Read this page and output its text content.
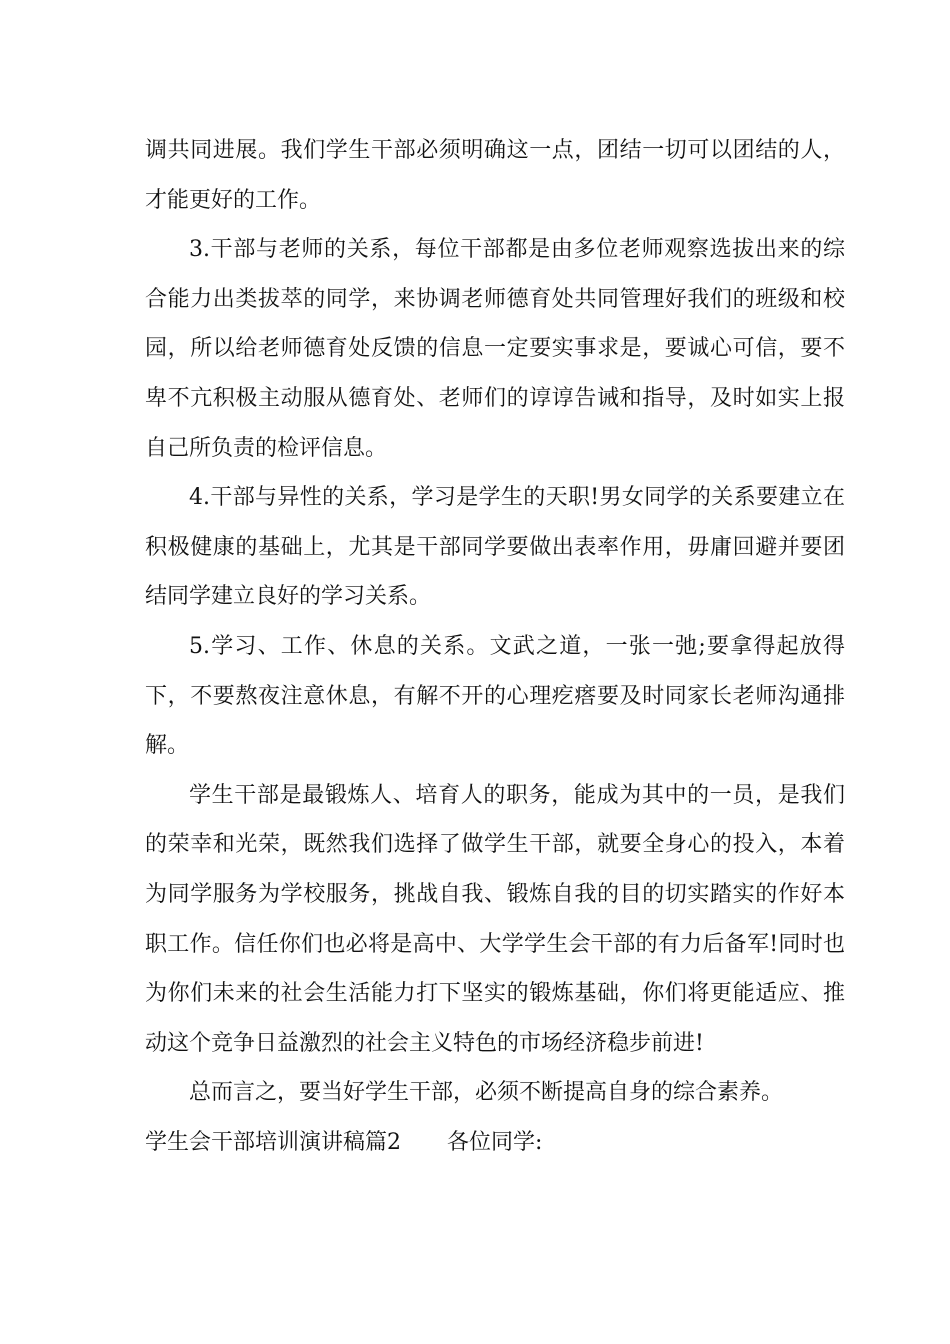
调共同进展。我们学生干部必须明确这一点，团结一切可以团结的人，才能更好的工作。

3.干部与老师的关系，每位干部都是由多位老师观察选拔出来的综合能力出类拔萃的同学，来协调老师德育处共同管理好我们的班级和校园，所以给老师德育处反馈的信息一定要实事求是，要诚心可信，要不卑不亢积极主动服从德育处、老师们的谆谆告诫和指导，及时如实上报自己所负责的检评信息。

4.干部与异性的关系，学习是学生的天职!男女同学的关系要建立在积极健康的基础上，尤其是干部同学要做出表率作用，毋庸回避并要团结同学建立良好的学习关系。

5.学习、工作、休息的关系。文武之道，一张一弛;要拿得起放得下，不要熬夜注意休息，有解不开的心理疙瘩要及时同家长老师沟通排解。

学生干部是最锻炼人、培育人的职务，能成为其中的一员，是我们的荣幸和光荣，既然我们选择了做学生干部，就要全身心的投入，本着为同学服务为学校服务，挑战自我、锻炼自我的目的切实踏实的作好本职工作。信任你们也必将是高中、大学学生会干部的有力后备军!同时也为你们未来的社会生活能力打下坚实的锻炼基础，你们将更能适应、推动这个竞争日益激烈的社会主义特色的市场经济稳步前进!

总而言之，要当好学生干部，必须不断提高自身的综合素养。

学生会干部培训演讲稿篇2 各位同学:
